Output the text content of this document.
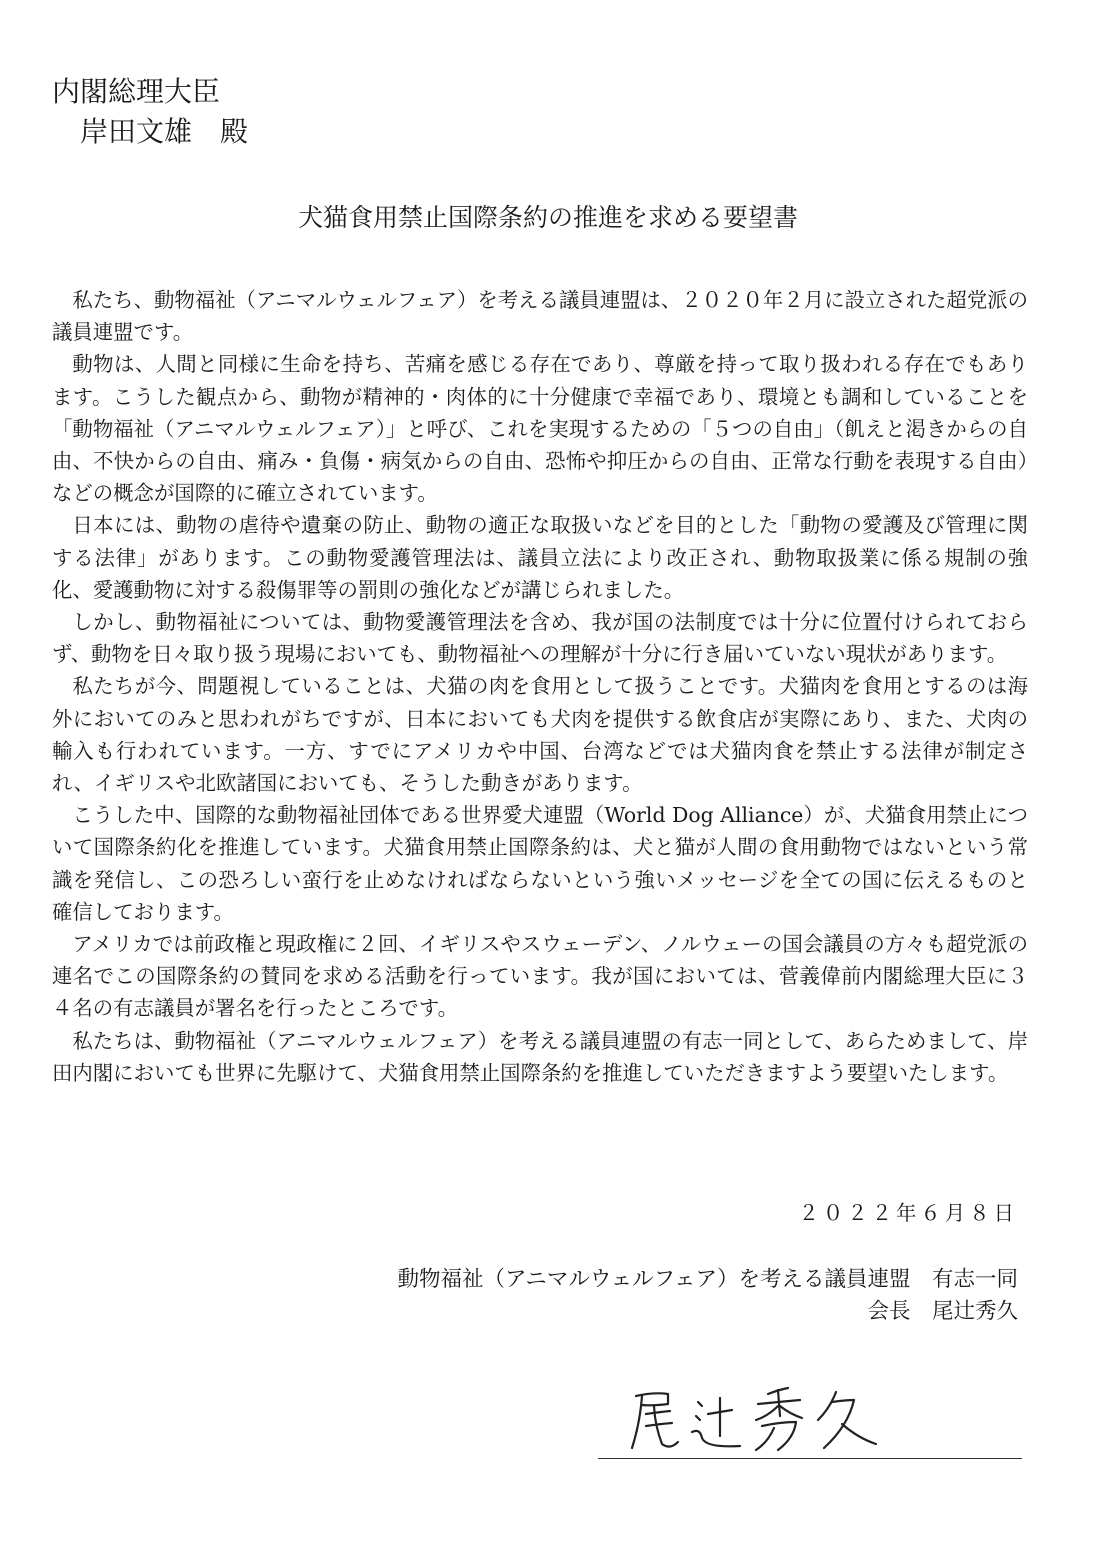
内閣総理大臣
岸田文雄　殿
犬猫食用禁止国際条約の推進を求める要望書

私たち、動物福祉（アニマルウェルフェア）を考える議員連盟は、２０２０年２月に設立された超党派の議員連盟です。

動物は、人間と同様に生命を持ち、苦痛を感じる存在であり、尊厳を持って取り扱われる存在でもあります。こうした観点から、動物が精神的・肉体的に十分健康で幸福であり、環境とも調和していることを「動物福祉（アニマルウェルフェア）」と呼び、これを実現するための「５つの自由」（飢えと渇きからの自由、不快からの自由、痛み・負傷・病気からの自由、恐怖や抑圧からの自由、正常な行動を表現する自由）などの概念が国際的に確立されています。

日本には、動物の虐待や遺棄の防止、動物の適正な取扱いなどを目的とした「動物の愛護及び管理に関する法律」があります。この動物愛護管理法は、議員立法により改正され、動物取扱業に係る規制の強化、愛護動物に対する殺傷罪等の罰則の強化などが講じられました。

しかし、動物福祉については、動物愛護管理法を含め、我が国の法制度では十分に位置付けられておらず、動物を日々取り扱う現場においても、動物福祉への理解が十分に行き届いていない現状があります。

私たちが今、問題視していることは、犬猫の肉を食用として扱うことです。犬猫肉を食用とするのは海外においてのみと思われがちですが、日本においても犬肉を提供する飲食店が実際にあり、また、犬肉の輸入も行われています。一方、すでにアメリカや中国、台湾などでは犬猫肉食を禁止する法律が制定され、イギリスや北欧諸国においても、そうした動きがあります。

こうした中、国際的な動物福祉団体である世界愛犬連盟（World Dog Alliance）が、犬猫食用禁止について国際条約化を推進しています。犬猫食用禁止国際条約は、犬と猫が人間の食用動物ではないという常識を発信し、この恐ろしい蛮行を止めなければならないという強いメッセージを全ての国に伝えるものと確信しております。

アメリカでは前政権と現政権に２回、イギリスやスウェーデン、ノルウェーの国会議員の方々も超党派の連名でこの国際条約の賛同を求める活動を行っています。我が国においては、菅義偉前内閣総理大臣に３４名の有志議員が署名を行ったところです。

私たちは、動物福祉（アニマルウェルフェア）を考える議員連盟の有志一同として、あらためまして、岸田内閣においても世界に先駆けて、犬猫食用禁止国際条約を推進していただきますよう要望いたします。

２０２２年６月８日
動物福祉（アニマルウェルフェア）を考える議員連盟　有志一同
会長　尾辻秀久
